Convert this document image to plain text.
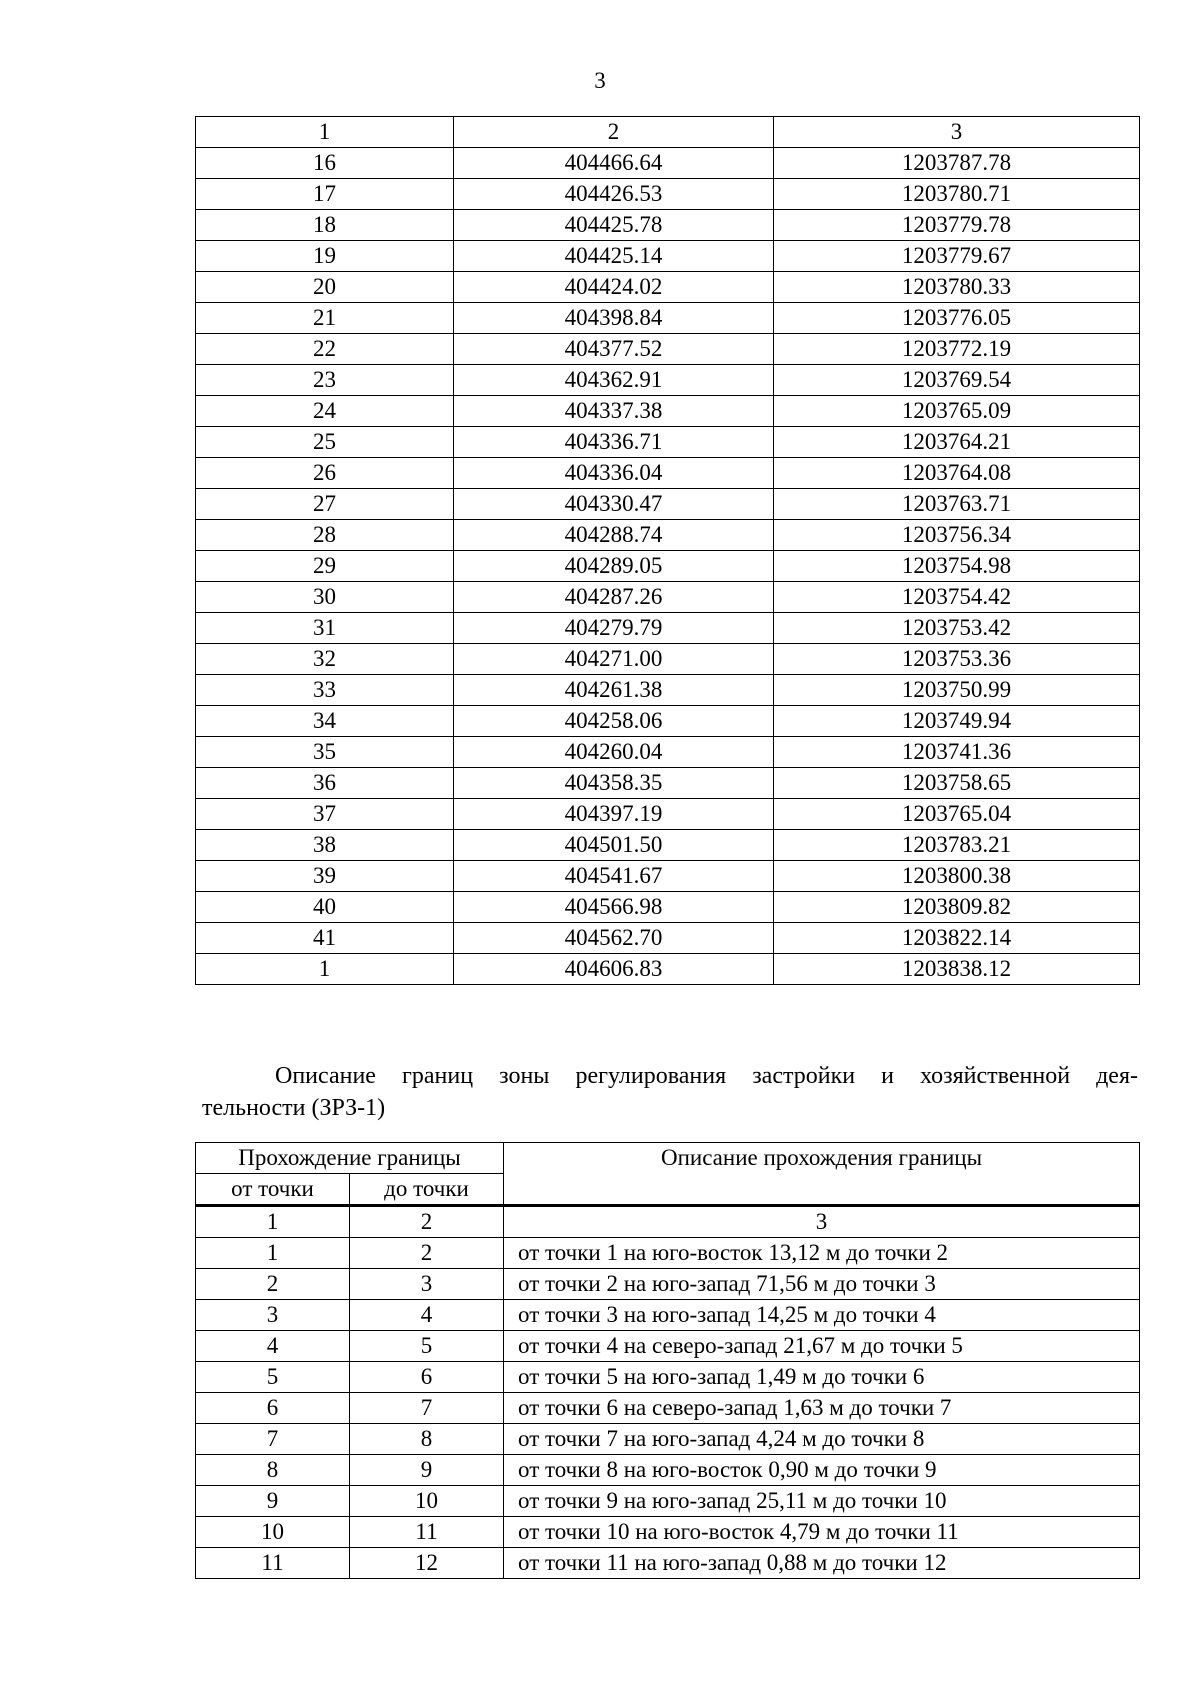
3
1	2	3
16	404466.64	1203787.78
17	404426.53	1203780.71
18	404425.78	1203779.78
19	404425.14	1203779.67
20	404424.02	1203780.33
21	404398.84	1203776.05
22	404377.52	1203772.19
23	404362.91	1203769.54
24	404337.38	1203765.09
25	404336.71	1203764.21
26	404336.04	1203764.08
27	404330.47	1203763.71
28	404288.74	1203756.34
29	404289.05	1203754.98
30	404287.26	1203754.42
31	404279.79	1203753.42
32	404271.00	1203753.36
33	404261.38	1203750.99
34	404258.06	1203749.94
35	404260.04	1203741.36
36	404358.35	1203758.65
37	404397.19	1203765.04
38	404501.50	1203783.21
39	404541.67	1203800.38
40	404566.98	1203809.82
41	404562.70	1203822.14
1	404606.83	1203838.12
Описание границ зоны регулирования застройки и хозяйственной дея-
тельности (ЗРЗ-1)
Прохождение границы		Описание прохождения границы
от точки	до точки	
1	2	3
1	2	от точки 1 на юго-восток 13,12 м до точки 2
2	3	от точки 2 на юго-запад 71,56 м до точки 3
3	4	от точки 3 на юго-запад 14,25 м до точки 4
4	5	от точки 4 на северо-запад 21,67 м до точки 5
5	6	от точки 5 на юго-запад 1,49 м до точки 6
6	7	от точки 6 на северо-запад 1,63 м до точки 7
7	8	от точки 7 на юго-запад 4,24 м до точки 8
8	9	от точки 8 на юго-восток 0,90 м до точки 9
9	10	от точки 9 на юго-запад 25,11 м до точки 10
10	11	от точки 10 на юго-восток 4,79 м до точки 11
11	12	от точки 11 на юго-запад 0,88 м до точки 12
